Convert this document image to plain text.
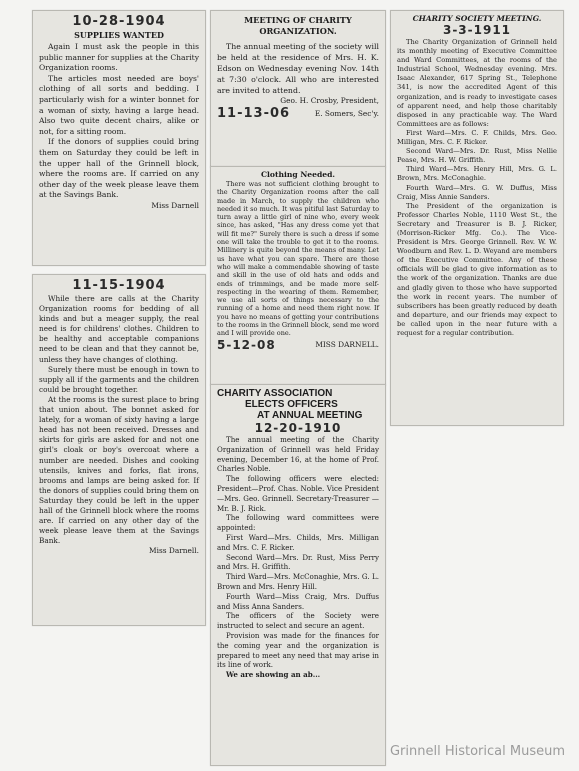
10-28-1904

SUPPLIES WANTED

Again I must ask the people in this public manner for supplies at the Charity Organization rooms.

The articles most needed are boys' clothing of all sorts and bedding. I particularly wish for a winter bonnet for a woman of sixty, having a large head. Also two quite decent chairs, alike or not, for a sitting room.

If the donors of supplies could bring them on Saturday they could be left in the upper hall of the Grinnell block, where the rooms are. If carried on any other day of the week please leave them at the Savings Bank.

Miss Darnell

11-15-1904

While there are calls at the Charity Organization rooms for bedding of all kinds and but a meager supply, the real need is for childrens' clothes. Children to be healthy and acceptable companions need to be clean and that they cannot be, unless they have changes of clothing.

Surely there must be enough in town to supply all if the garments and the children could be brought together.

At the rooms is the surest place to bring that union about. The bonnet asked for lately, for a woman of sixty having a large head has not been received. Dresses and skirts for girls are asked for and not one girl's cloak or boy's overcoat where a number are needed. Dishes and cooking utensils, knives and forks, flat irons, brooms and lamps are being asked for. If the donors of supplies could bring them on Saturday they could be left in the upper hall of the Grinnell block where the rooms are. If carried on any other day of the week please leave them at the Savings Bank.

Miss Darnell.

MEETING OF CHARITY ORGANIZATION.

The annual meeting of the society will be held at the residence of Mrs. H. K. Edson on Wednesday evening Nov. 14th at 7:30 o'clock. All who are interested are invited to attend.

Geo. H. Crosby, President,

11-13-06	E. Somers, Sec'y.

Clothing Needed.

There was not sufficient clothing brought to the Charity Organization rooms after the call made in March, to supply the children who needed it so much. It was pitiful last Saturday to turn away a little girl of nine who, every week since, has asked, "Has any dress come yet that will fit me?" Surely there is such a dress if some one will take the trouble to get it to the rooms. Millinery is quite beyond the means of many. Let us have what you can spare. There are those who will make a commendable showing of taste and skill in the use of old hats and odds and ends of trimmings, and be made more self-respecting in the wearing of them. Remember, we use all sorts of things necessary to the running of a home and need them right now. If you have no means of getting your contributions to the rooms in the Grinnell block, send me word and I will provide one.

5-12-08	MISS DARNELL.

CHARITY ASSOCIATION

ELECTS OFFICERS

AT ANNUAL MEETING

12-20-1910

The annual meeting of the Charity Organization of Grinnell was held Friday evening, December 16, at the home of Prof. Charles Noble.

The following officers were elected: President—Prof. Chas. Noble. Vice President—Mrs. Geo. Grinnell. Secretary-Treasurer — Mr. B. J. Rick.

The following ward committees were appointed:

First Ward—Mrs. Childs, Mrs. Milligan and Mrs. C. F. Ricker.

Second Ward—Mrs. Dr. Rust, Miss Perry and Mrs. H. Griffith.

Third Ward—Mrs. McConaghie, Mrs. G. L. Brown and Mrs. Henry Hill.

Fourth Ward—Miss Craig, Mrs. Duffus and Miss Anna Sanders.

The officers of the Society were instructed to select and secure an agent.

Provision was made for the finances for the coming year and the organization is prepared to meet any need that may arise in its line of work.

We are showing an ab...

CHARITY SOCIETY MEETING.

3-3-1911

The Charity Organization of Grinnell held its monthly meeting of Executive Committee and Ward Committees, at the rooms of the Industrial School, Wednesday evening. Mrs. Isaac Alexander, 617 Spring St., Telephone 341, is now the accredited Agent of this organization, and is ready to investigate cases of apparent need, and help those charitably disposed in any practicable way. The Ward Committees are as follows:

First Ward—Mrs. C. F. Childs, Mrs. Geo. Milligan, Mrs. C. F. Ricker.

Second Ward—Mrs. Dr. Rust, Miss Nellie Pease, Mrs. H. W. Griffith.

Third Ward—Mrs. Henry Hill, Mrs. G. L. Brown, Mrs. McConaghie.

Fourth Ward—Mrs. G. W. Duffus, Miss Craig, Miss Annie Sanders.

The President of the organization is Professor Charles Noble, 1110 West St., the Secretary and Treasurer is B. J. Ricker, (Morrison-Ricker Mfg. Co.). The Vice-President is Mrs. George Grinnell. Rev. W. W. Woodburn and Rev. L. D. Weyand are members of the Executive Committee. Any of these officials will be glad to give information as to the work of the organization. Thanks are due and gladly given to those who have supported the work in recent years. The number of subscribers has been greatly reduced by death and departure, and our friends may expect to be called upon in the near future with a request for a regular contribution.

Grinnell Historical Museum
